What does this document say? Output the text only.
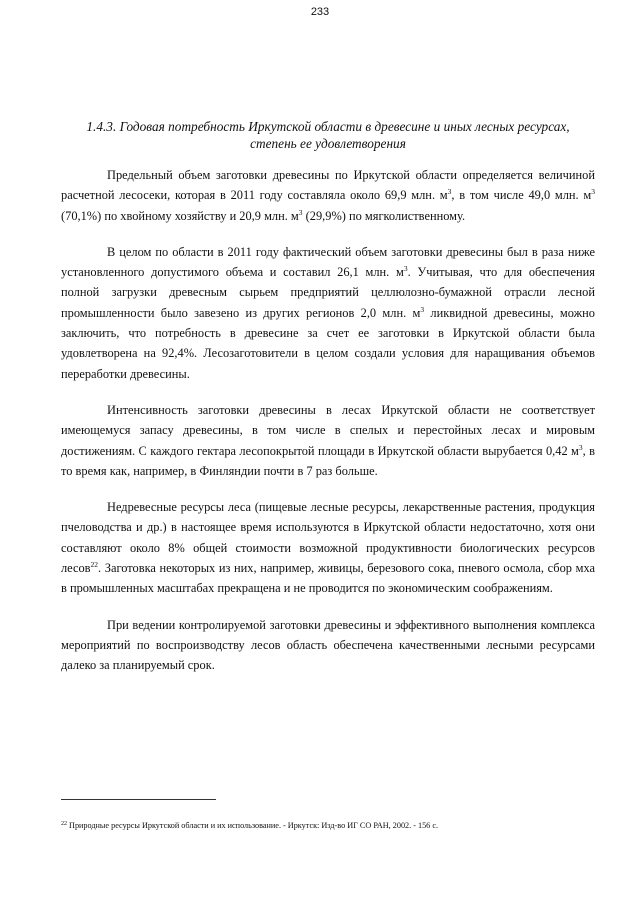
233
1.4.3. Годовая потребность Иркутской области в древесине и иных лесных ресурсах,
степень ее удовлетворения

Предельный объем заготовки древесины по Иркутской области определяется величиной расчетной лесосеки, которая в 2011 году составляла около 69,9 млн. $м^3$, в том числе 49,0 млн. $м^3$ (70,1%) по хвойному хозяйству и 20,9 млн. $м^3$ (29,9%) по мягколиственному.

В целом по области в 2011 году фактический объем заготовки древесины был в раза ниже установленного допустимого объема и составил 26,1 млн. $м^3$. Учитывая, что для обеспечения полной загрузки древесным сырьем предприятий целлюлозно-бумажной отрасли лесной промышленности было завезено из других регионов 2,0 млн. $м^3$ ликвидной древесины, можно заключить, что потребность в древесине за счет ее заготовки в Иркутской области была удовлетворена на 92,4%. Лесозаготовители в целом создали условия для наращивания объемов переработки древесины.

Интенсивность заготовки древесины в лесах Иркутской области не соответствует имеющемуся запасу древесины, в том числе в спелых и перестойных лесах и мировым достижениям. С каждого гектара лесопокрытой площади в Иркутской области вырубается 0,42 $м^3$, в то время как, например, в Финляндии почти в 7 раз больше.

Недревесные ресурсы леса (пищевые лесные ресурсы, лекарственные растения, продукция пчеловодства и др.) в настоящее время используются в Иркутской области недостаточно, хотя они составляют около 8% общей стоимости возможной продуктивности биологических ресурсов лесов$^{22}$. Заготовка некоторых из них, например, живицы, березового сока, пневого осмола, сбор мха в промышленных масштабах прекращена и не проводится по экономическим соображениям.

При ведении контролируемой заготовки древесины и эффективного выполнения комплекса мероприятий по воспроизводству лесов область обеспечена качественными лесными ресурсами далеко за планируемый срок.

$^{22}$ Природные ресурсы Иркутской области и их использование. - Иркутск: Изд-во ИГ СО РАН, 2002. - 156 с.
